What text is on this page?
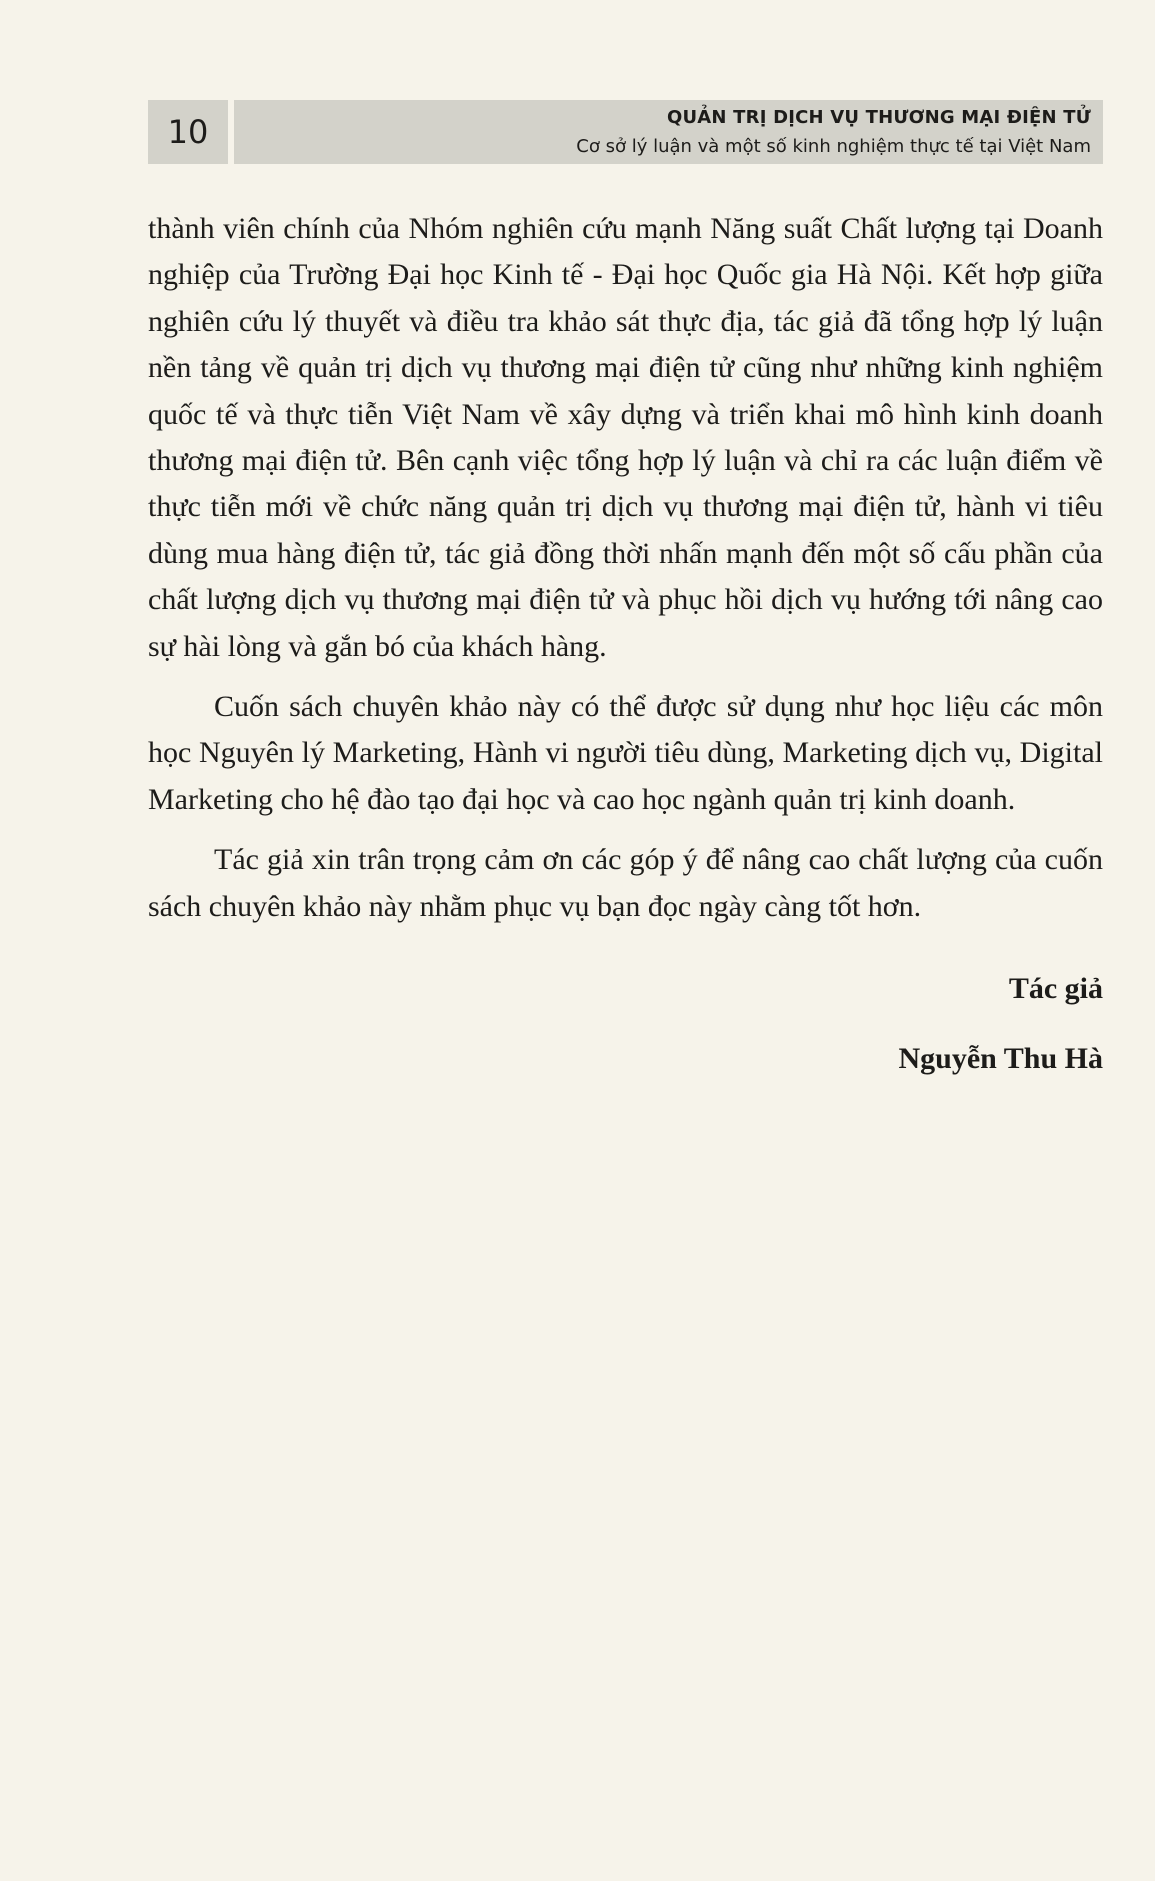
10	QUẢN TRỊ DỊCH VỤ THƯƠNG MẠI ĐIỆN TỬ
Cơ sở lý luận và một số kinh nghiệm thực tế tại Việt Nam

thành viên chính của Nhóm nghiên cứu mạnh Năng suất Chất lượng tại Doanh nghiệp của Trường Đại học Kinh tế - Đại học Quốc gia Hà Nội. Kết hợp giữa nghiên cứu lý thuyết và điều tra khảo sát thực địa, tác giả đã tổng hợp lý luận nền tảng về quản trị dịch vụ thương mại điện tử cũng như những kinh nghiệm quốc tế và thực tiễn Việt Nam về xây dựng và triển khai mô hình kinh doanh thương mại điện tử. Bên cạnh việc tổng hợp lý luận và chỉ ra các luận điểm về thực tiễn mới về chức năng quản trị dịch vụ thương mại điện tử, hành vi tiêu dùng mua hàng điện tử, tác giả đồng thời nhấn mạnh đến một số cấu phần của chất lượng dịch vụ thương mại điện tử và phục hồi dịch vụ hướng tới nâng cao sự hài lòng và gắn bó của khách hàng.

Cuốn sách chuyên khảo này có thể được sử dụng như học liệu các môn học Nguyên lý Marketing, Hành vi người tiêu dùng, Marketing dịch vụ, Digital Marketing cho hệ đào tạo đại học và cao học ngành quản trị kinh doanh.

Tác giả xin trân trọng cảm ơn các góp ý để nâng cao chất lượng của cuốn sách chuyên khảo này nhằm phục vụ bạn đọc ngày càng tốt hơn.

Tác giả

Nguyễn Thu Hà
